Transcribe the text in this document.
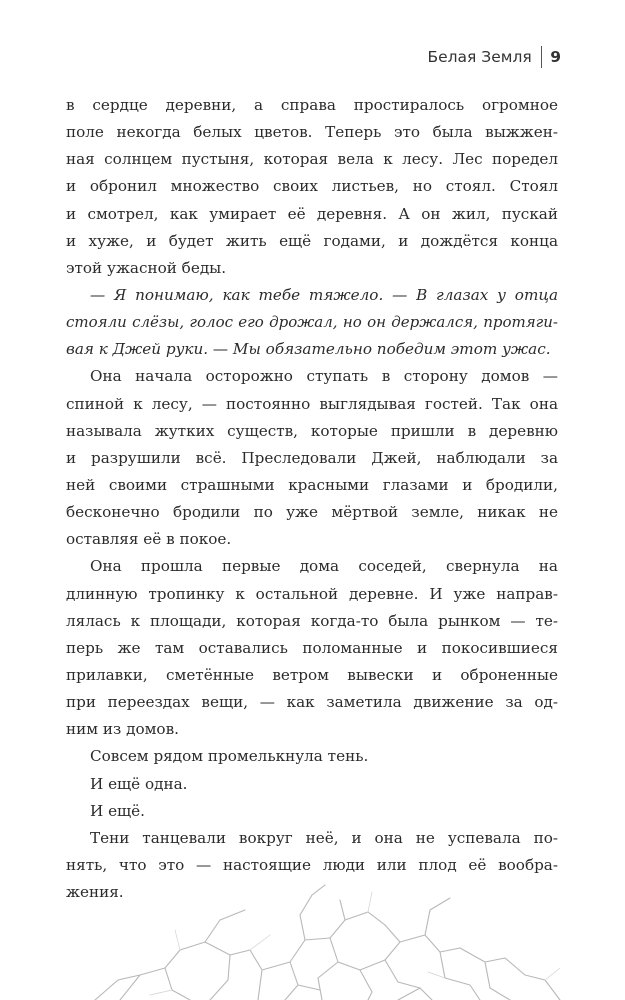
Белая Земля 9
в сердце деревни, а справа простиралось огромное
поле некогда белых цветов. Теперь это была выжжен-
ная солнцем пустыня, которая вела к лесу. Лес поредел
и обронил множество своих листьев, но стоял. Стоял
и смотрел, как умирает её деревня. А он жил, пускай
и хуже, и будет жить ещё годами, и дождётся конца
этой ужасной беды.
— Я понимаю, как тебе тяжело. — В глазах у отца
стояли слёзы, голос его дрожал, но он держался, протяги-
вая к Джей руки. — Мы обязательно победим этот ужас.
Она начала осторожно ступать в сторону домов —
спиной к лесу, — постоянно выглядывая гостей. Так она
называла жутких существ, которые пришли в деревню
и разрушили всё. Преследовали Джей, наблюдали за
ней своими страшными красными глазами и бродили,
бесконечно бродили по уже мёртвой земле, никак не
оставляя её в покое.
Она прошла первые дома соседей, свернула на
длинную тропинку к остальной деревне. И уже направ-
лялась к площади, которая когда-то была рынком — те-
перь же там оставались поломанные и покосившиеся
прилавки, сметённые ветром вывески и оброненные
при переездах вещи, — как заметила движение за од-
ним из домов.
Совсем рядом промелькнула тень.
И ещё одна.
И ещё.
Тени танцевали вокруг неё, и она не успевала по-
нять, что это — настоящие люди или плод её вообра-
жения.
